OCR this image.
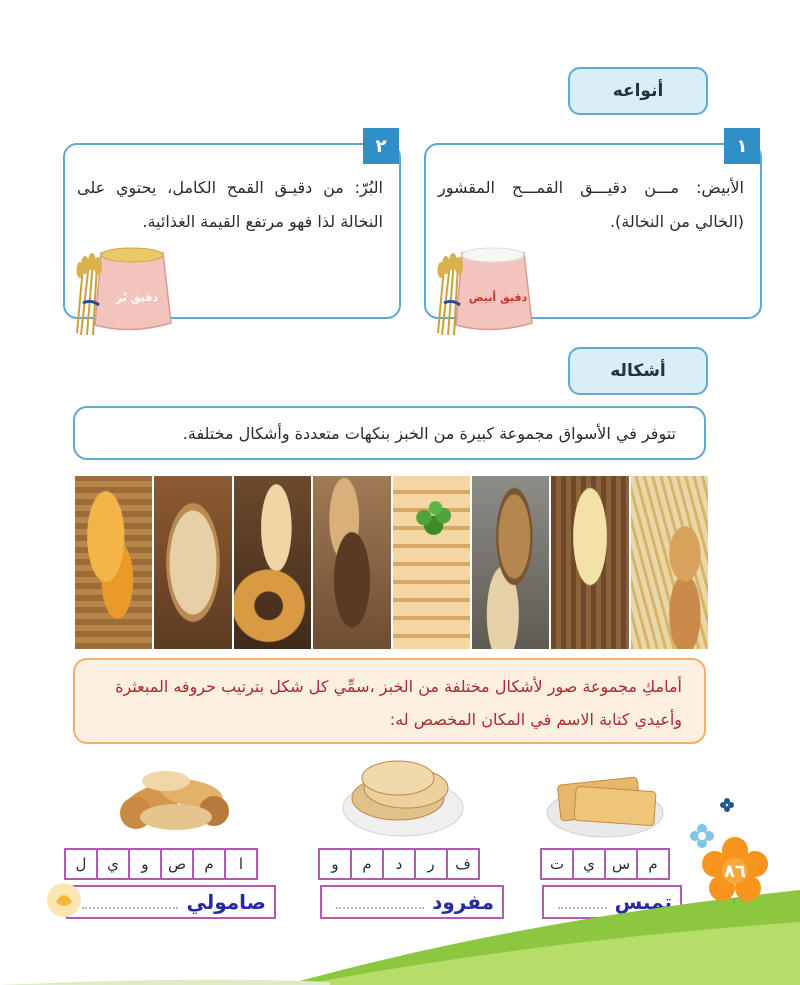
أنواعه
١
الأبيض: مـــن دقيـــق القمـــح المقشور (الخالي من النخالة).
دقيق أبيض
٢
البُرّ: من دقيـق القمح الكامل، يحتوي على النخالة لذا فهو مرتفع القيمة الغذائية.
دقيق بُر
أشكاله
تتوفر في الأسواق مجموعة كبيرة من الخبز بنكهات متعددة وأشكال مختلفة.
أمامكِ مجموعة صور لأشكال مختلفة من الخبز ،سمِّي كل شكل بترتيب حروفه المبعثرة وأعيدي كتابة الاسم في المكان المخصص له:
م
س
ي
ت
تميس
ف
ر
د
م
و
مفرود
ا
م
ص
و
ي
ل
صامولي
٨٦
